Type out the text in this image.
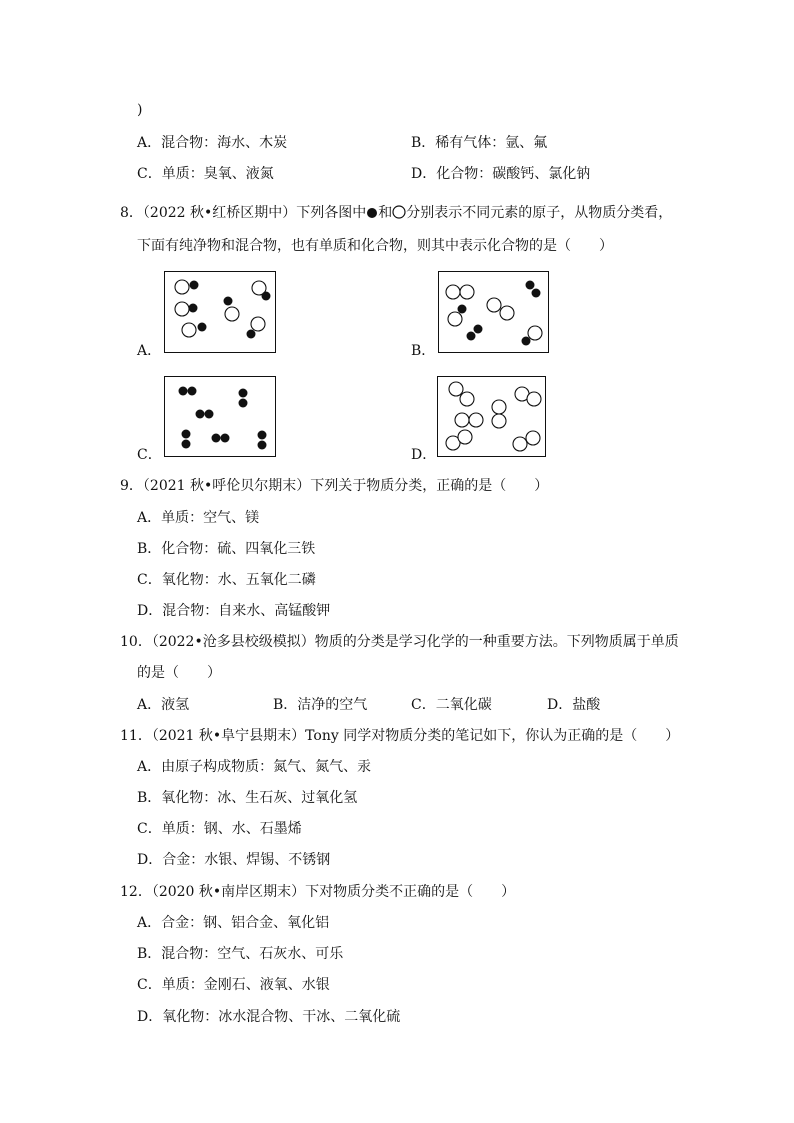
)
A．混合物：海水、木炭	B．稀有气体：氩、氟
C．单质：臭氧、液氮	D．化合物：碳酸钙、氯化钠
8．（2022 秋•红桥区期中）下列各图中 和 分别表示不同元素的原子，从物质分类看，
下面有纯净物和混合物，也有单质和化合物，则其中表示化合物的是（　　）
A．	B．
C．	D．
9．（2021 秋•呼伦贝尔期末）下列关于物质分类，正确的是（　　）
A．单质：空气、镁
B．化合物：硫、四氧化三铁
C．氧化物：水、五氧化二磷
D．混合物：自来水、高锰酸钾
10．（2022•沧多县校级模拟）物质的分类是学习化学的一种重要方法。下列物质属于单质
的是（　　）
A．液氢	B．洁净的空气	C．二氧化碳	D．盐酸
11．（2021 秋•阜宁县期末）Tony 同学对物质分类的笔记如下，你认为正确的是（　　）
A．由原子构成物质：氮气、氮气、汞
B．氧化物：冰、生石灰、过氧化氢
C．单质：钢、水、石墨烯
D．合金：水银、焊锡、不锈钢
12．（2020 秋•南岸区期末）下对物质分类不正确的是（　　）
A．合金：钢、铝合金、氧化铝
B．混合物：空气、石灰水、可乐
C．单质：金刚石、液氧、水银
D．氧化物：冰水混合物、干冰、二氧化硫
